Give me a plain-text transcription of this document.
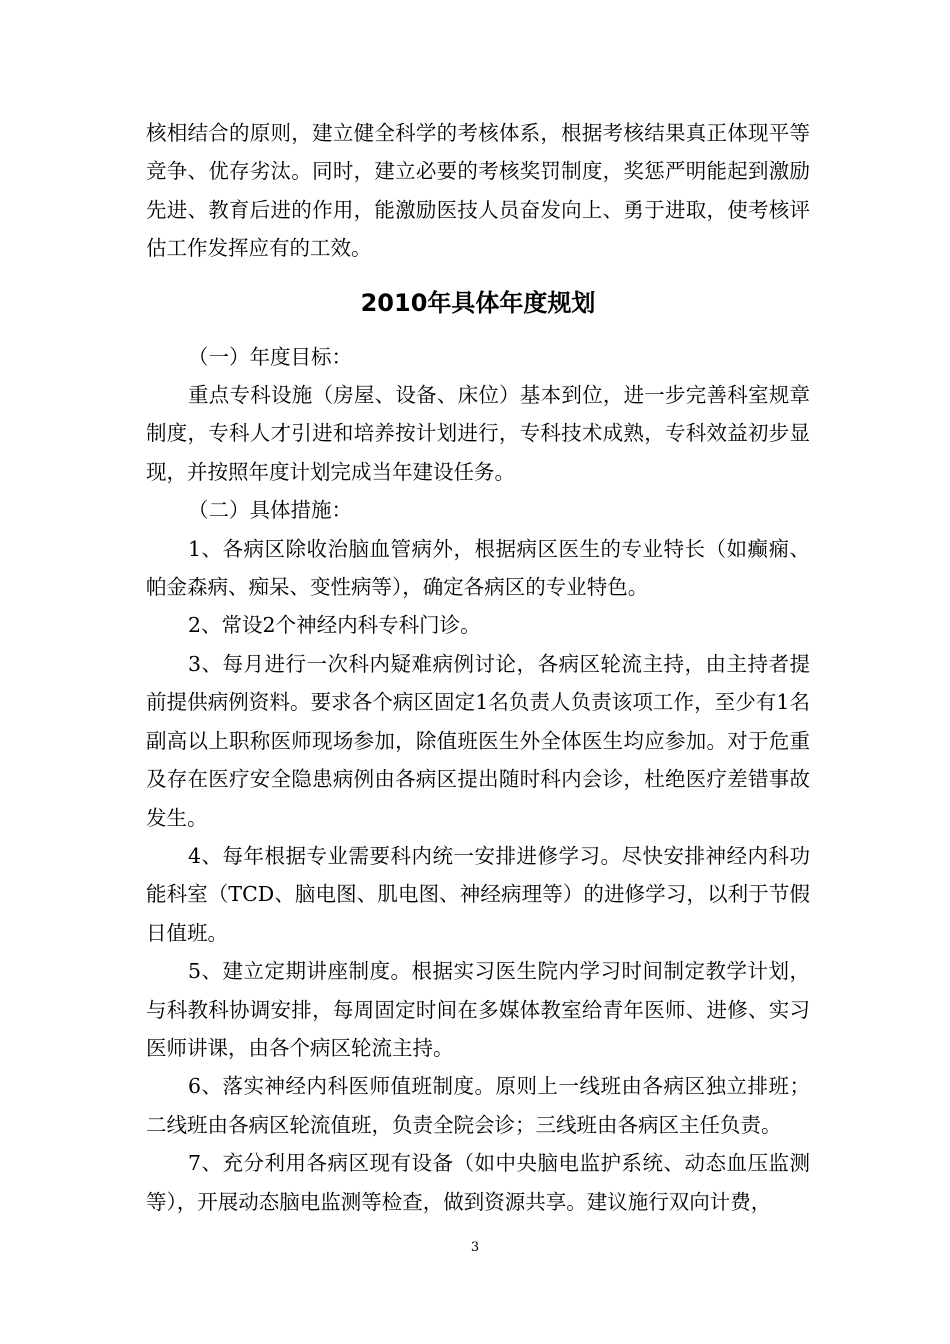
核相结合的原则，建立健全科学的考核体系，根据考核结果真正体现平等竞争、优存劣汰。同时，建立必要的考核奖罚制度，奖惩严明能起到激励先进、教育后进的作用，能激励医技人员奋发向上、勇于进取，使考核评估工作发挥应有的工效。

2010年具体年度规划

（一）年度目标：

重点专科设施（房屋、设备、床位）基本到位，进一步完善科室规章制度，专科人才引进和培养按计划进行，专科技术成熟，专科效益初步显现，并按照年度计划完成当年建设任务。

（二）具体措施：

1、各病区除收治脑血管病外，根据病区医生的专业特长（如癫痫、帕金森病、痴呆、变性病等），确定各病区的专业特色。

2、常设2个神经内科专科门诊。

3、每月进行一次科内疑难病例讨论，各病区轮流主持，由主持者提前提供病例资料。要求各个病区固定1名负责人负责该项工作，至少有1名副高以上职称医师现场参加，除值班医生外全体医生均应参加。对于危重及存在医疗安全隐患病例由各病区提出随时科内会诊，杜绝医疗差错事故发生。

4、每年根据专业需要科内统一安排进修学习。尽快安排神经内科功能科室（TCD、脑电图、肌电图、神经病理等）的进修学习，以利于节假日值班。

5、建立定期讲座制度。根据实习医生院内学习时间制定教学计划，与科教科协调安排，每周固定时间在多媒体教室给青年医师、进修、实习医师讲课，由各个病区轮流主持。

6、落实神经内科医师值班制度。原则上一线班由各病区独立排班；二线班由各病区轮流值班，负责全院会诊；三线班由各病区主任负责。

7、充分利用各病区现有设备（如中央脑电监护系统、动态血压监测等），开展动态脑电监测等检查，做到资源共享。建议施行双向计费，

3
